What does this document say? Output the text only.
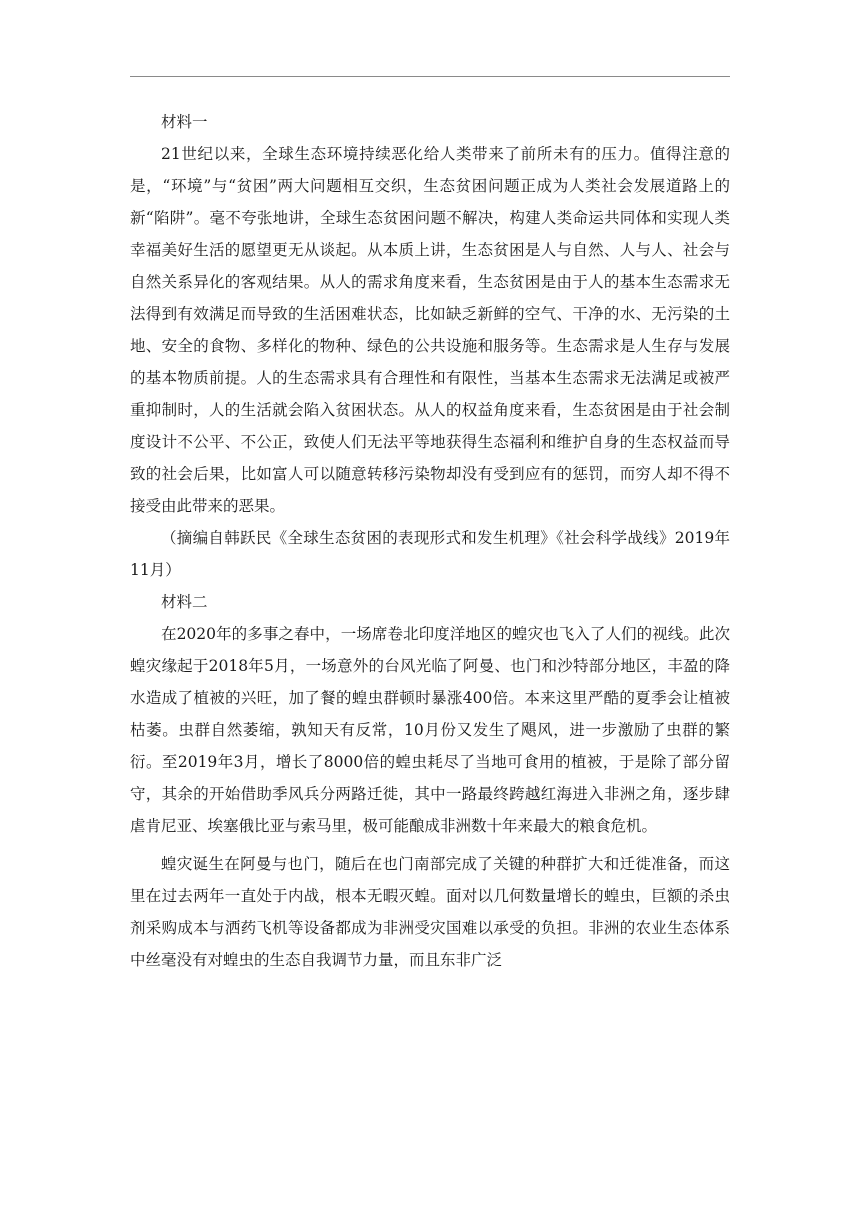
材料一

21世纪以来，全球生态环境持续恶化给人类带来了前所未有的压力。值得注意的是，“环境”与“贫困”两大问题相互交织，生态贫困问题正成为人类社会发展道路上的新“陷阱”。毫不夸张地讲，全球生态贫困问题不解决，构建人类命运共同体和实现人类幸福美好生活的愿望更无从谈起。从本质上讲，生态贫困是人与自然、人与人、社会与自然关系异化的客观结果。从人的需求角度来看，生态贫困是由于人的基本生态需求无法得到有效满足而导致的生活困难状态，比如缺乏新鲜的空气、干净的水、无污染的土地、安全的食物、多样化的物种、绿色的公共设施和服务等。生态需求是人生存与发展的基本物质前提。人的生态需求具有合理性和有限性，当基本生态需求无法满足或被严重抑制时，人的生活就会陷入贫困状态。从人的权益角度来看，生态贫困是由于社会制度设计不公平、不公正，致使人们无法平等地获得生态福利和维护自身的生态权益而导致的社会后果，比如富人可以随意转移污染物却没有受到应有的惩罚，而穷人却不得不接受由此带来的恶果。

（摘编自韩跃民《全球生态贫困的表现形式和发生机理》《社会科学战线》2019年11月）

材料二

在2020年的多事之春中，一场席卷北印度洋地区的蝗灾也飞入了人们的视线。此次蝗灾缘起于2018年5月，一场意外的台风光临了阿曼、也门和沙特部分地区，丰盈的降水造成了植被的兴旺，加了餐的蝗虫群顿时暴涨400倍。本来这里严酷的夏季会让植被枯萎。虫群自然萎缩，孰知天有反常，10月份又发生了飓风，进一步激励了虫群的繁衍。至2019年3月，增长了8000倍的蝗虫耗尽了当地可食用的植被，于是除了部分留守，其余的开始借助季风兵分两路迁徙，其中一路最终跨越红海进入非洲之角，逐步肆虐肯尼亚、埃塞俄比亚与索马里，极可能酿成非洲数十年来最大的粮食危机。

蝗灾诞生在阿曼与也门，随后在也门南部完成了关键的种群扩大和迁徙准备，而这里在过去两年一直处于内战，根本无暇灭蝗。面对以几何数量增长的蝗虫，巨额的杀虫剂采购成本与洒药飞机等设备都成为非洲受灾国难以承受的负担。非洲的农业生态体系中丝毫没有对蝗虫的生态自我调节力量，而且东非广泛
